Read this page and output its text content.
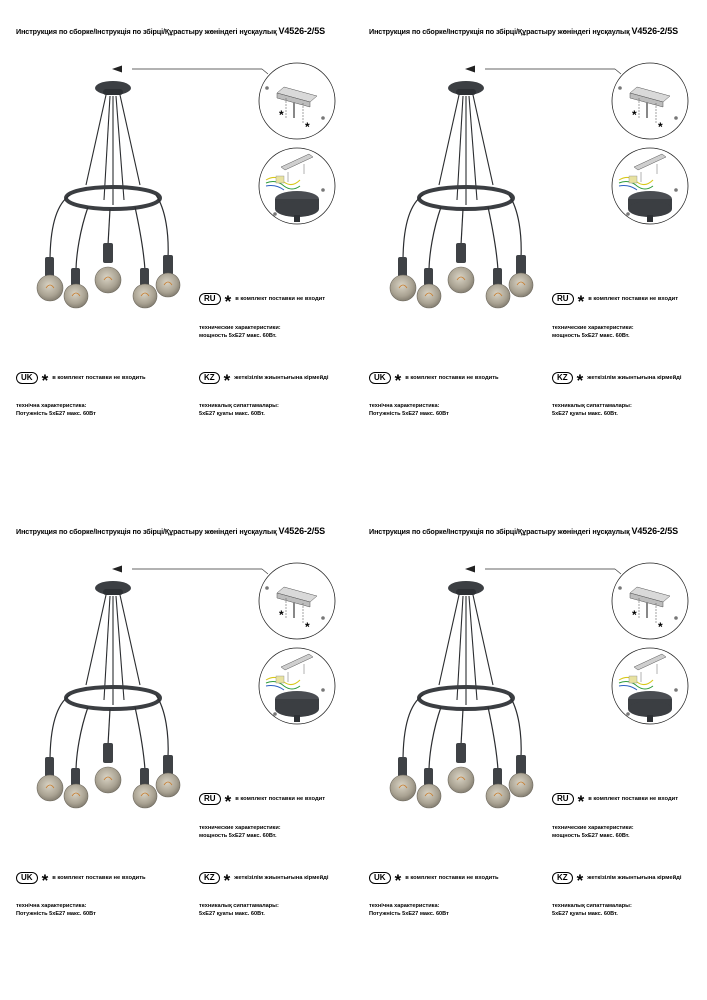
Инструкция по сборке/Інструкція по збірці/Құрастыру жөніндегі нұсқаулық V4526-2/5S
*
*
RU * в комплект поставки не входит
технические характеристики:
мощность 5хЕ27 макс. 60Вт.
UK * в комплект поставки не входить
технічна характеристика:
Потужність 5хЕ27 макс. 60Вт
KZ * жеткізілім жиынтығына кірмейді
техникалық сипаттамалары:
5хЕ27 қуаты макс. 60Вт.
Инструкция по сборке/Інструкція по збірці/Құрастыру жөніндегі нұсқаулық V4526-2/5S
*
*
RU * в комплект поставки не входит
технические характеристики:
мощность 5хЕ27 макс. 60Вт.
UK * в комплект поставки не входить
технічна характеристика:
Потужність 5хЕ27 макс. 60Вт
KZ * жеткізілім жиынтығына кірмейді
техникалық сипаттамалары:
5хЕ27 қуаты макс. 60Вт.
Инструкция по сборке/Інструкція по збірці/Құрастыру жөніндегі нұсқаулық V4526-2/5S
*
*
RU * в комплект поставки не входит
технические характеристики:
мощность 5хЕ27 макс. 60Вт.
UK * в комплект поставки не входить
технічна характеристика:
Потужність 5хЕ27 макс. 60Вт
KZ * жеткізілім жиынтығына кірмейді
техникалық сипаттамалары:
5хЕ27 қуаты макс. 60Вт.
Инструкция по сборке/Інструкція по збірці/Құрастыру жөніндегі нұсқаулық V4526-2/5S
*
*
RU * в комплект поставки не входит
технические характеристики:
мощность 5хЕ27 макс. 60Вт.
UK * в комплект поставки не входить
технічна характеристика:
Потужність 5хЕ27 макс. 60Вт
KZ * жеткізілім жиынтығына кірмейді
техникалық сипаттамалары:
5хЕ27 қуаты макс. 60Вт.
